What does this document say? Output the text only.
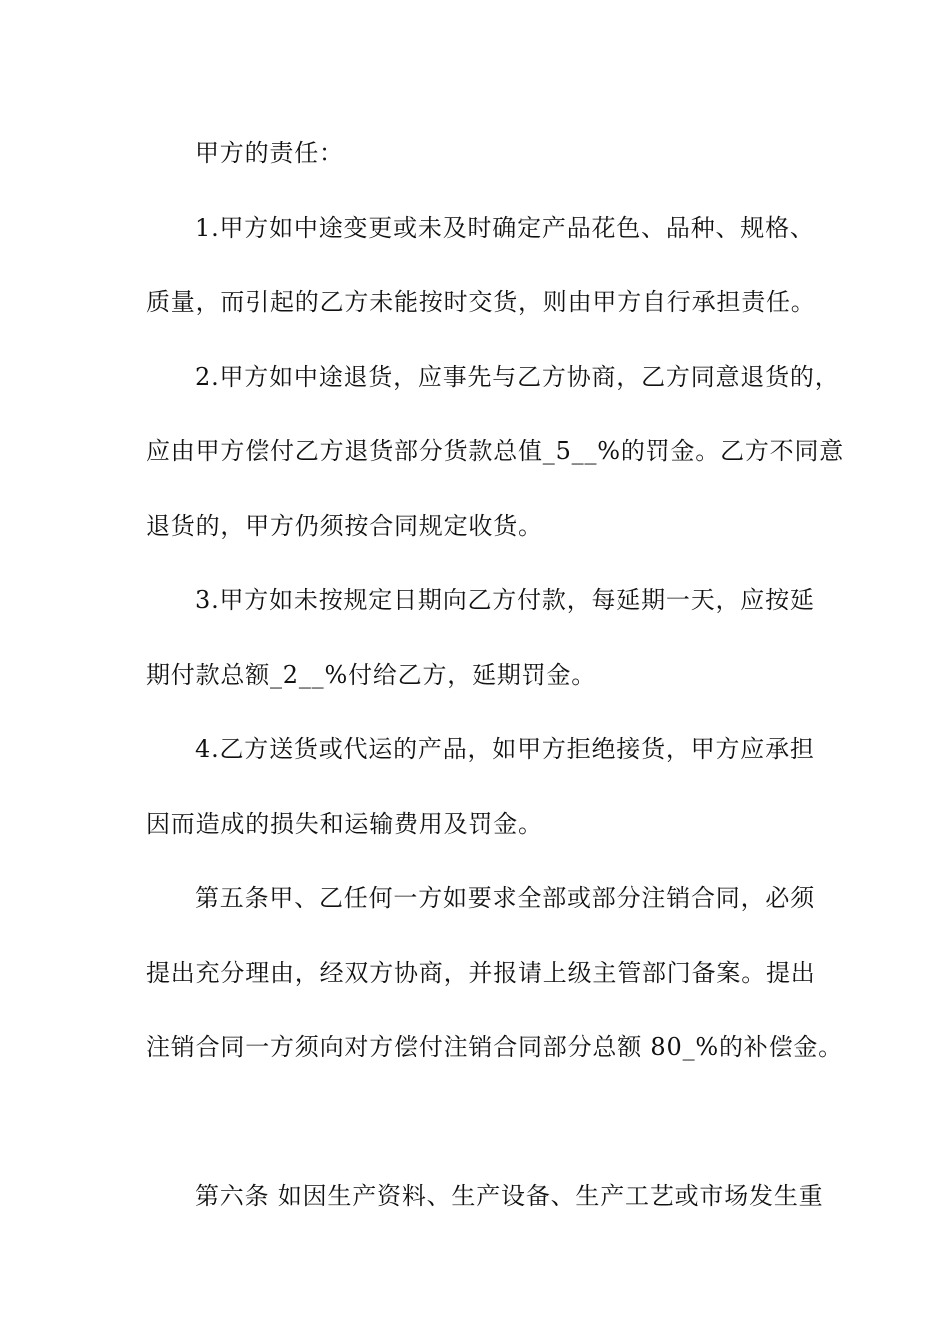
甲方的责任：
1.甲方如中途变更或未及时确定产品花色、品种、规格、
质量，而引起的乙方未能按时交货，则由甲方自行承担责任。
2.甲方如中途退货，应事先与乙方协商，乙方同意退货的，
应由甲方偿付乙方退货部分货款总值_5__%的罚金。乙方不同意
退货的，甲方仍须按合同规定收货。
3.甲方如未按规定日期向乙方付款，每延期一天，应按延
期付款总额_2__%付给乙方，延期罚金。
4.乙方送货或代运的产品，如甲方拒绝接货，甲方应承担
因而造成的损失和运输费用及罚金。
第五条甲、乙任何一方如要求全部或部分注销合同，必须
提出充分理由，经双方协商，并报请上级主管部门备案。提出
注销合同一方须向对方偿付注销合同部分总额 80_%的补偿金。
第六条 如因生产资料、生产设备、生产工艺或市场发生重
